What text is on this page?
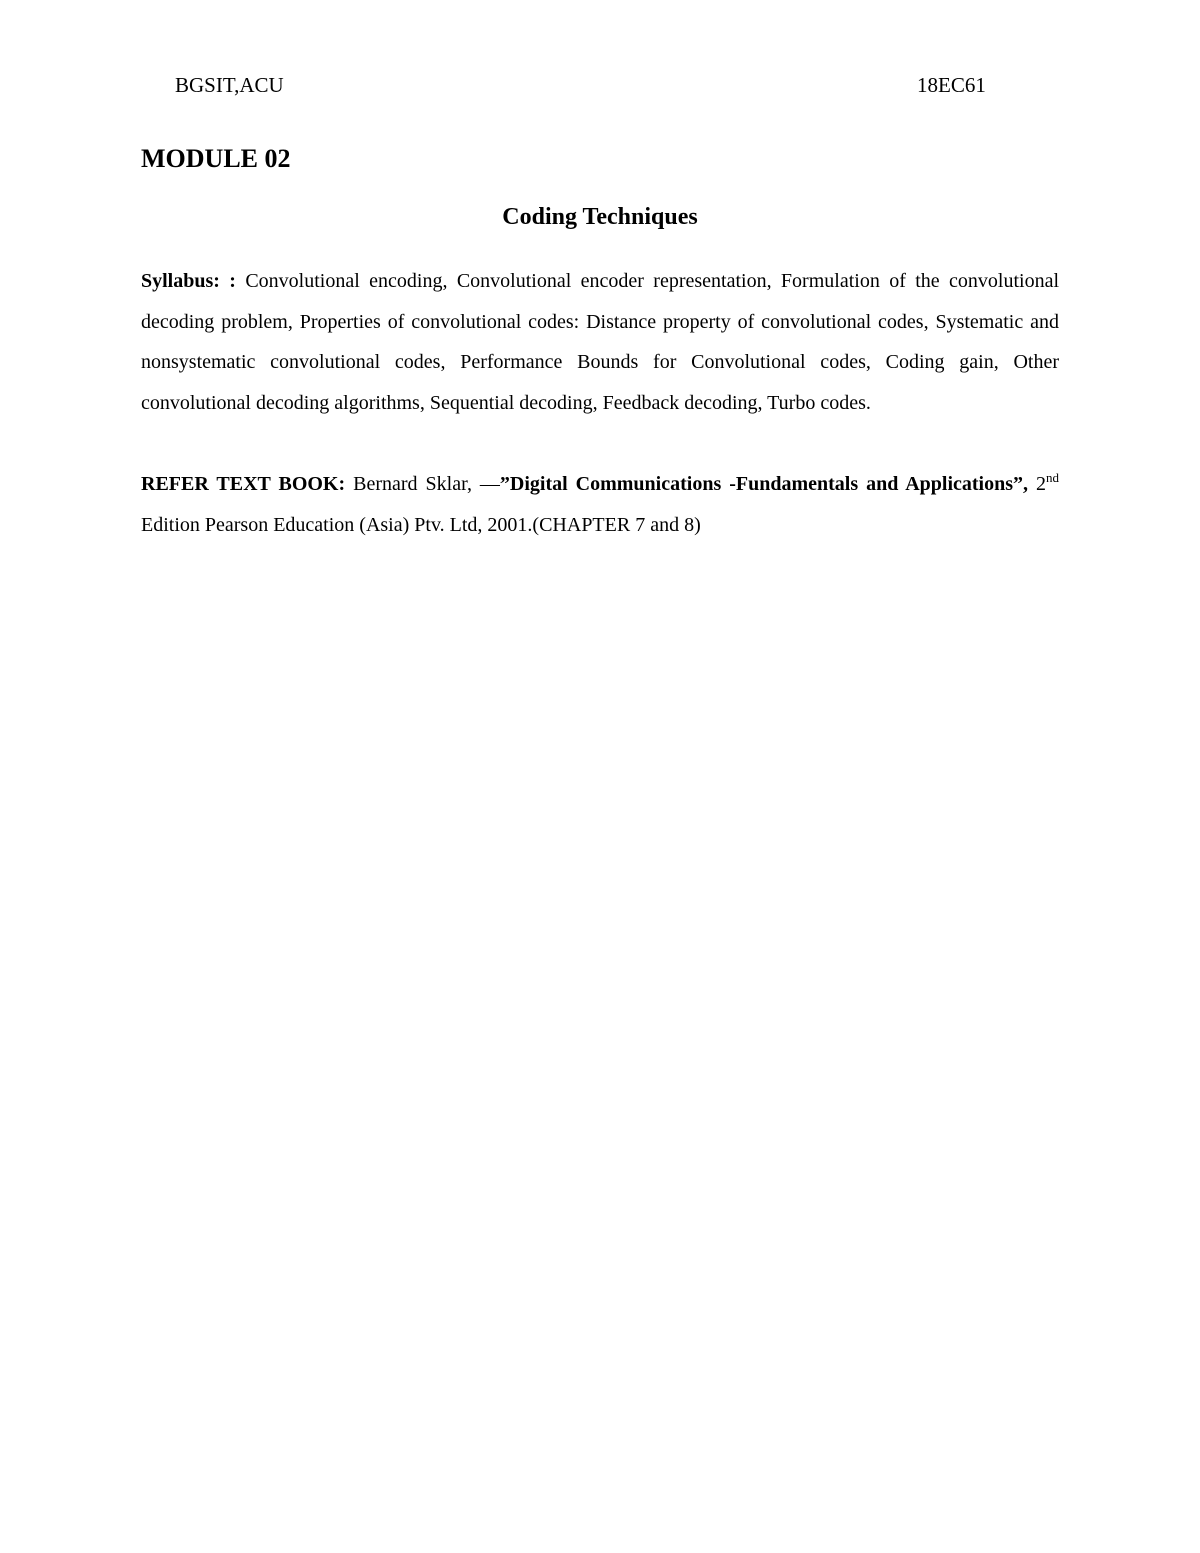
BGSIT,ACU	18EC61
MODULE 02
Coding Techniques

Syllabus: : Convolutional encoding, Convolutional encoder representation, Formulation of the convolutional decoding problem, Properties of convolutional codes: Distance property of convolutional codes, Systematic and nonsystematic convolutional codes, Performance Bounds for Convolutional codes, Coding gain, Other convolutional decoding algorithms, Sequential decoding, Feedback decoding, Turbo codes.

REFER TEXT BOOK: Bernard Sklar, —”Digital Communications -Fundamentals and Applications”, 2nd Edition Pearson Education (Asia) Ptv. Ltd, 2001.(CHAPTER 7 and 8)
